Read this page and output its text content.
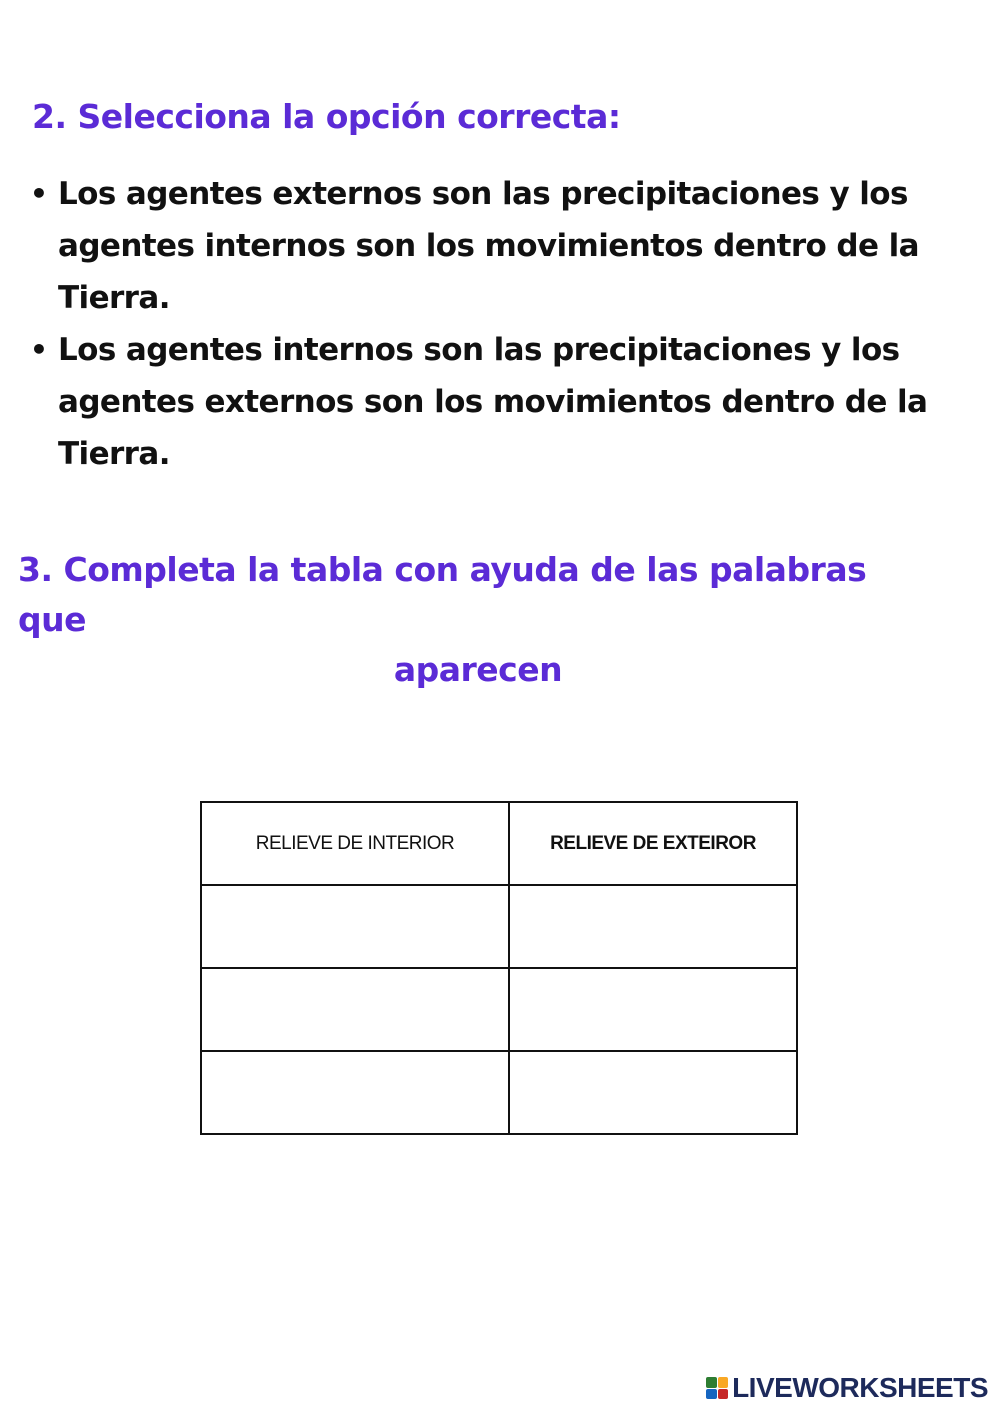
2. Selecciona la opción correcta:
• Los agentes externos son las precipitaciones y los agentes internos son los movimientos dentro de la Tierra.
• Los agentes internos son las precipitaciones y los agentes externos son los movimientos dentro de la Tierra.
3. Completa la tabla con ayuda de las palabras que
aparecen
RELIEVE DE INTERIOR	RELIEVE DE EXTEIROR

LIVEWORKSHEETS
